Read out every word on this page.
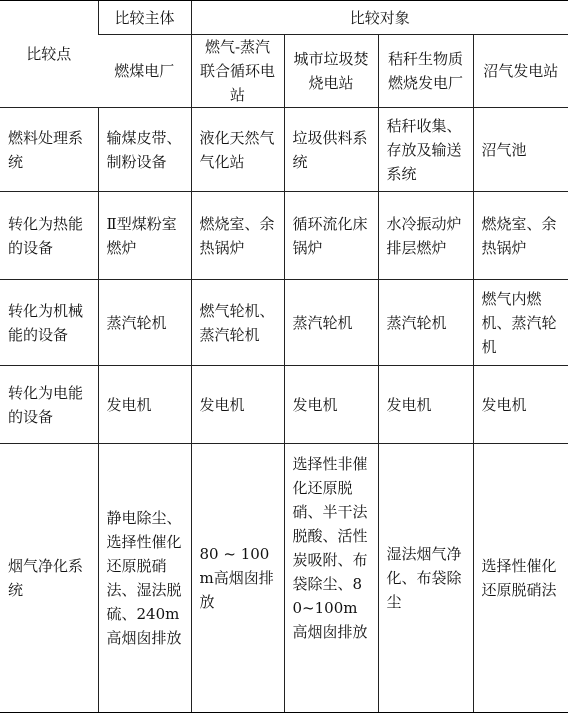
比较点	比较主体	比较对象			
	燃煤电厂	燃气-蒸汽联合循环电站	城市垃圾焚烧电站	秸秆生物质燃烧发电厂	沼气发电站
燃料处理系统	输煤皮带、制粉设备	液化天然气气化站	垃圾供料系统	秸秆收集、存放及输送系统	沼气池
转化为热能的设备	Ⅱ型煤粉室燃炉	燃烧室、余热锅炉	循环流化床锅炉	水冷振动炉排层燃炉	燃烧室、余热锅炉
转化为机械能的设备	蒸汽轮机	燃气轮机、蒸汽轮机	蒸汽轮机	蒸汽轮机	燃气内燃机、蒸汽轮机
转化为电能的设备	发电机	发电机	发电机	发电机	发电机
烟气净化系统	静电除尘、选择性催化还原脱硝法、湿法脱硫、240m高烟囱排放	80 ~ 100m高烟囱排放	选择性非催化还原脱硝、半干法脱酸、活性炭吸附、布袋除尘、80~100m高烟囱排放	湿法烟气净化、布袋除尘	选择性催化还原脱硝法
